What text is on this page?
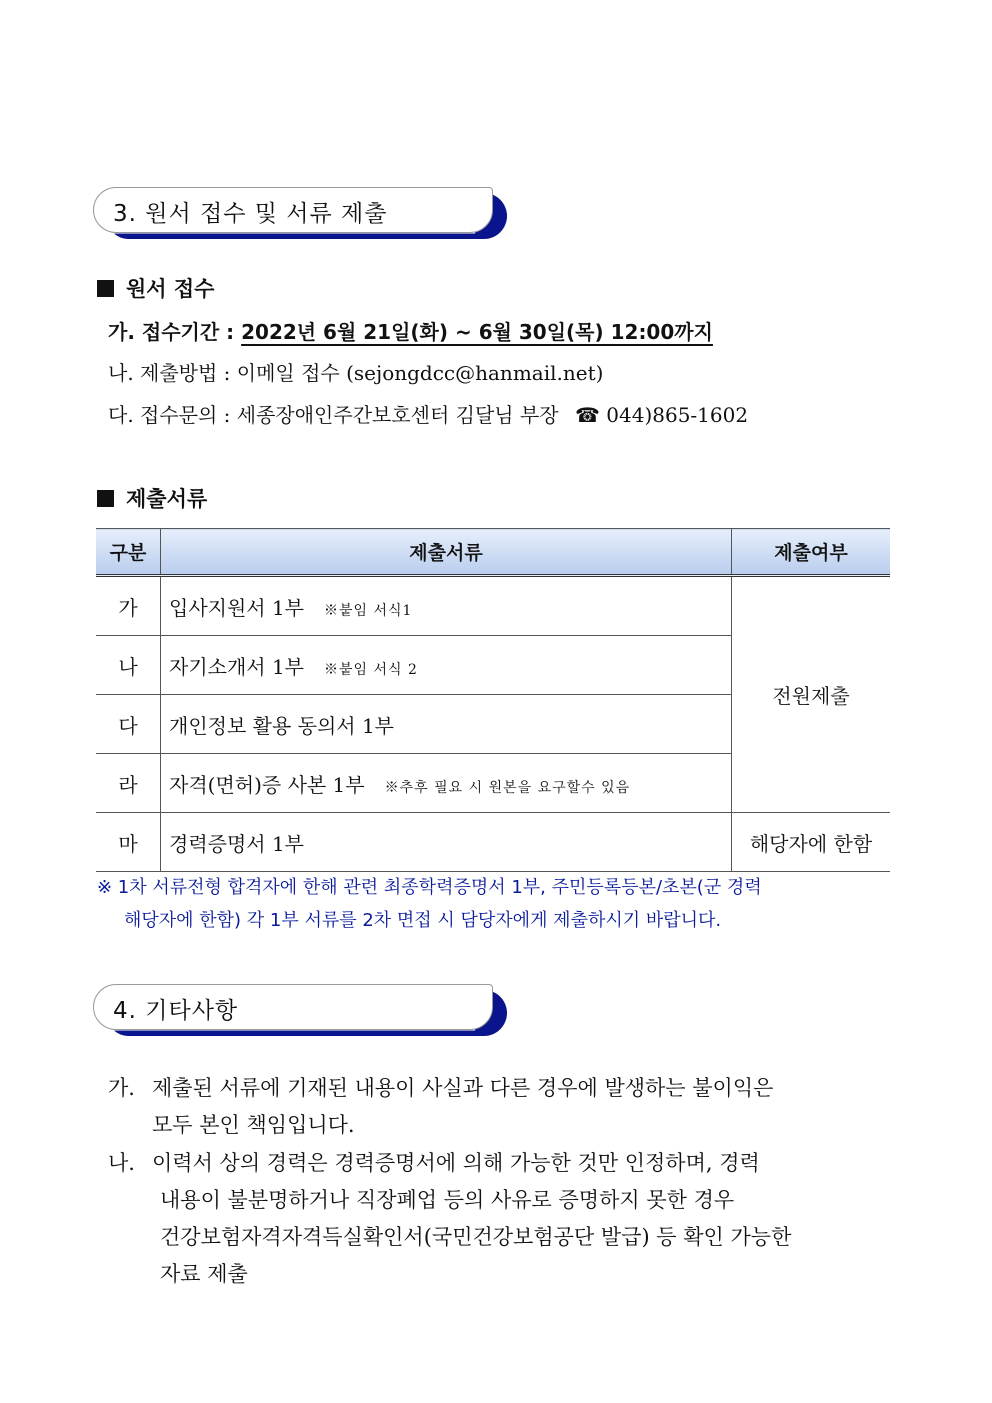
3. 원서 접수 및 서류 제출
원서 접수
가. 접수기간 : 2022년 6월 21일(화) ~ 6월 30일(목) 12:00까지
나. 제출방법 : 이메일 접수 (sejongdcc@hanmail.net)
다. 접수문의 : 세종장애인주간보호센터 김달님 부장 ☎ 044)865-1602
제출서류
구분	제출서류	제출여부
가	입사지원서 1부 ※붙임 서식1	전원제출
나	자기소개서 1부 ※붙임 서식 2	
다	개인정보 활용 동의서 1부	
라	자격(면허)증 사본 1부 ※추후 필요 시 원본을 요구할수 있음	
마	경력증명서 1부	해당자에 한함
※ 1차 서류전형 합격자에 한해 관련 최종학력증명서 1부, 주민등록등본/초본(군 경력
해당자에 한함) 각 1부 서류를 2차 면접 시 담당자에게 제출하시기 바랍니다.
4. 기타사항
가. 제출된 서류에 기재된 내용이 사실과 다른 경우에 발생하는 불이익은
모두 본인 책임입니다.
나. 이력서 상의 경력은 경력증명서에 의해 가능한 것만 인정하며, 경력
내용이 불분명하거나 직장폐업 등의 사유로 증명하지 못한 경우
건강보험자격자격득실확인서(국민건강보험공단 발급) 등 확인 가능한
자료 제출
